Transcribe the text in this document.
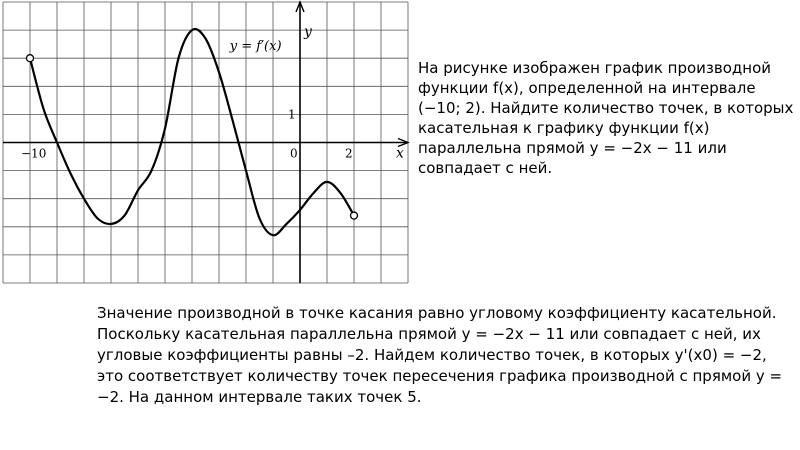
−10	0	2
1
x
y
y = f′(x)
На рисунке изображен график производной функции f(x), определенной на интервале (−10; 2). Найдите количество точек, в которых касательная к графику функции f(x) параллельна прямой y = −2x − 11 или совпадает с ней.
Значение производной в точке касания равно угловому коэффициенту касательной. Поскольку касательная параллельна прямой y = −2x − 11 или совпадает с ней, их угловые коэффициенты равны –2. Найдем количество точек, в которых y'(x0) = −2, это соответствует количеству точек пересечения графика производной с прямой y = −2. На данном интервале таких точек 5.
